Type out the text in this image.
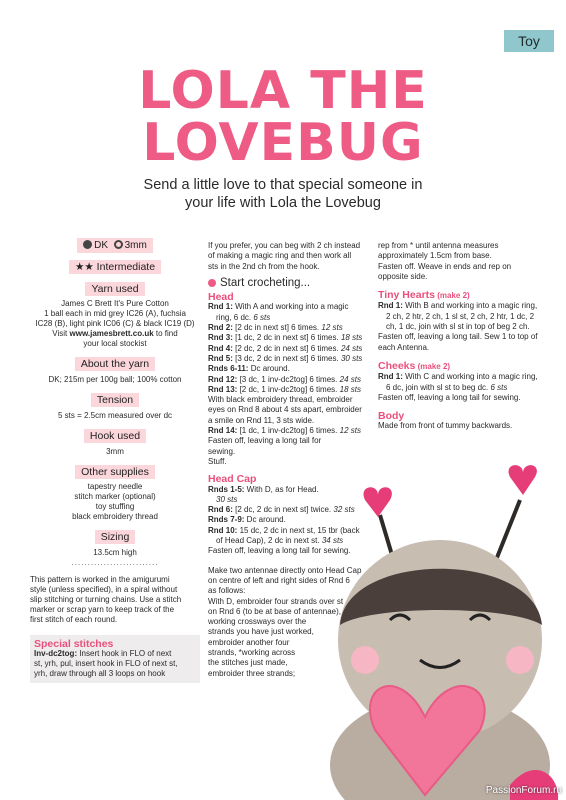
Toy
LOLA THE
LOVEBUG
Send a little love to that special someone in
your life with Lola the Lovebug
DK 3mm
★★ Intermediate
Yarn used
James C Brett It's Pure Cotton
1 ball each in mid grey IC26 (A), fuchsia
IC28 (B), light pink IC06 (C) & black IC19 (D)
Visit www.jamesbrett.co.uk to find
your local stockist
About the yarn
DK; 215m per 100g ball; 100% cotton
Tension
5 sts = 2.5cm measured over dc
Hook used
3mm
Other supplies
tapestry needle
stitch marker (optional)
toy stuffing
black embroidery thread
Sizing
13.5cm high
...........................
This pattern is worked in the amigurumi
style (unless specified), in a spiral without
slip stitching or turning chains. Use a stitch
marker or scrap yarn to keep track of the
first stitch of each round.
Special stitches
Inv-dc2tog: Insert hook in FLO of next
st, yrh, pul, insert hook in FLO of next st,
yrh, draw through all 3 loops on hook
If you prefer, you can beg with 2 ch instead
of making a magic ring and then work all
sts in the 2nd ch from the hook.
Start crocheting...
Head
Rnd 1: With A and working into a magic
ring, 6 dc. 6 sts
Rnd 2: [2 dc in next st] 6 times. 12 sts
Rnd 3: [1 dc, 2 dc in next st] 6 times. 18 sts
Rnd 4: [2 dc, 2 dc in next st] 6 times. 24 sts
Rnd 5: [3 dc, 2 dc in next st] 6 times. 30 sts
Rnds 6-11: Dc around.
Rnd 12: [3 dc, 1 inv-dc2tog] 6 times. 24 sts
Rnd 13: [2 dc, 1 inv-dc2tog] 6 times. 18 sts
With black embroidery thread, embroider
eyes on Rnd 8 about 4 sts apart, embroider
a smile on Rnd 11, 3 sts wide.
Rnd 14: [1 dc, 1 inv-dc2tog] 6 times. 12 sts
Fasten off, leaving a long tail for
sewing.
Stuff.
Head Cap
Rnds 1-5: With D, as for Head.
30 sts
Rnd 6: [2 dc, 2 dc in next st] twice. 32 sts
Rnds 7-9: Dc around.
Rnd 10: 15 dc, 2 dc in next st, 15 tbr (back
of Head Cap), 2 dc in next st. 34 sts
Fasten off, leaving a long tail for sewing.
Make two antennae directly onto Head Cap
on centre of left and right sides of Rnd 6
as follows:
With D, embroider four strands over st
on Rnd 6 (to be at base of antennae),
working crossways over the
strands you have just worked,
embroider another four
strands, *working across
the stitches just made,
embroider three strands;
rep from * until antenna measures
approximately 1.5cm from base.
Fasten off. Weave in ends and rep on
opposite side.
Tiny Hearts (make 2)
Rnd 1: With B and working into a magic ring,
2 ch, 2 htr, 2 ch, 1 sl st, 2 ch, 2 htr, 1 dc, 2
ch, 1 dc, join with sl st in top of beg 2 ch.
Fasten off, leaving a long tail. Sew 1 to top of
each Antenna.
Cheeks (make 2)
Rnd 1: With C and working into a magic ring,
6 dc, join with sl st to beg dc. 6 sts
Fasten off, leaving a long tail for sewing.
Body
Made from front of tummy backwards.
PassionForum.ru
